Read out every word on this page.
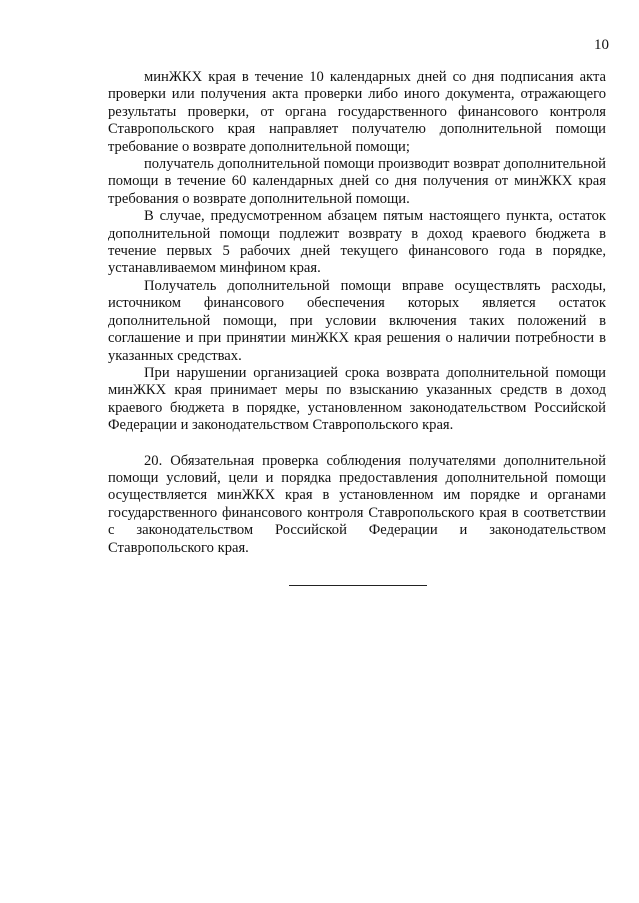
10

минЖКХ края в течение 10 календарных дней со дня подписания акта проверки или получения акта проверки либо иного документа, отражающего результаты проверки, от органа государственного финансового контроля Ставропольского края направляет получателю дополнительной помощи требование о возврате дополнительной помощи;

получатель дополнительной помощи производит возврат дополнительной помощи в течение 60 календарных дней со дня получения от минЖКХ края требования о возврате дополнительной помощи.

В случае, предусмотренном абзацем пятым настоящего пункта, остаток дополнительной помощи подлежит возврату в доход краевого бюджета в течение первых 5 рабочих дней текущего финансового года в порядке, устанавливаемом минфином края.

Получатель дополнительной помощи вправе осуществлять расходы, источником финансового обеспечения которых является остаток дополнительной помощи, при условии включения таких положений в соглашение и при принятии минЖКХ края решения о наличии потребности в указанных средствах.

При нарушении организацией срока возврата дополнительной помощи минЖКХ края принимает меры по взысканию указанных средств в доход краевого бюджета в порядке, установленном законодательством Российской Федерации и законодательством Ставропольского края.

20. Обязательная проверка соблюдения получателями дополнительной помощи условий, цели и порядка предоставления дополнительной помощи осуществляется минЖКХ края в установленном им порядке и органами государственного финансового контроля Ставропольского края в соответствии с законодательством Российской Федерации и законодательством Ставропольского края.
